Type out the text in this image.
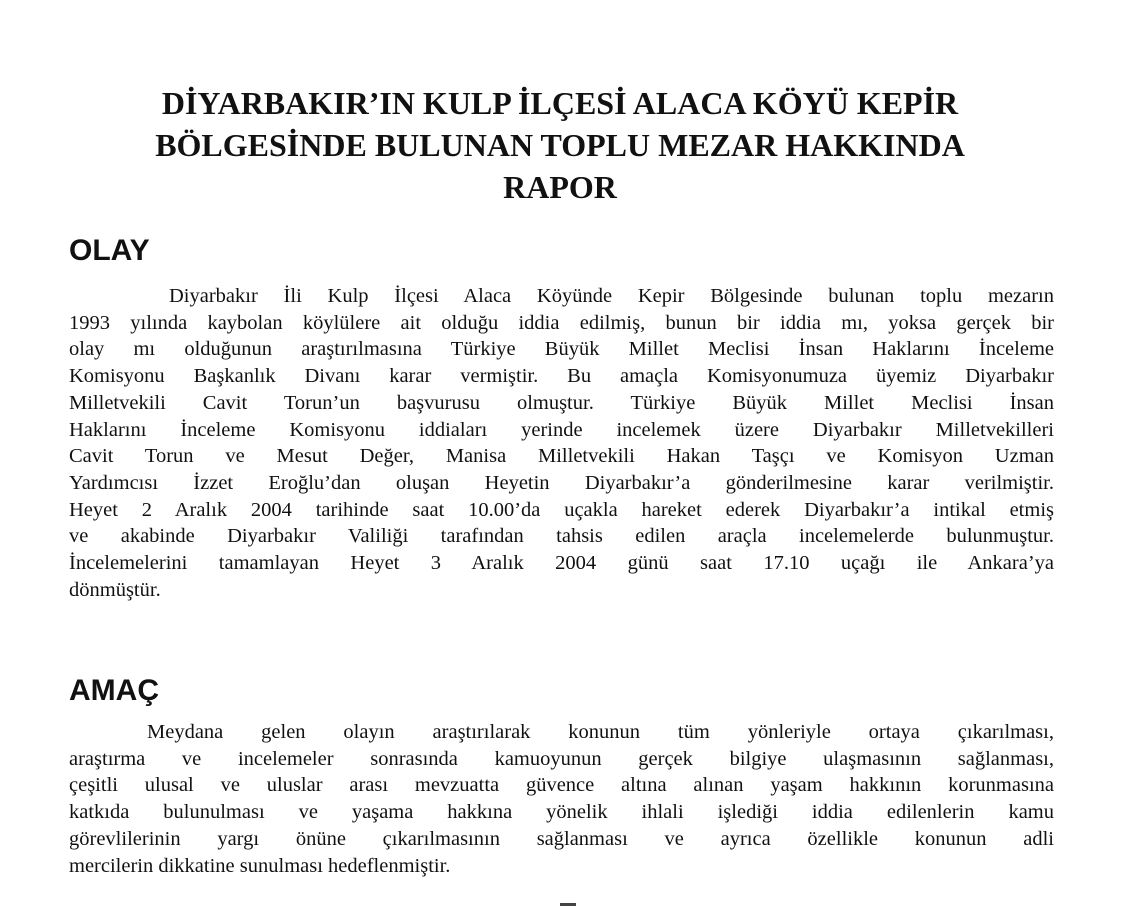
DİYARBAKIR’IN KULP İLÇESİ ALACA KÖYÜ KEPİR
BÖLGESİNDE BULUNAN TOPLU MEZAR HAKKINDA
RAPOR
OLAY

Diyarbakır İli Kulp İlçesi Alaca Köyünde Kepir Bölgesinde bulunan toplu mezarın
1993 yılında kaybolan köylülere ait olduğu iddia edilmiş, bunun bir iddia mı, yoksa gerçek bir
olay mı olduğunun araştırılmasına Türkiye Büyük Millet Meclisi İnsan Haklarını İnceleme
Komisyonu Başkanlık Divanı karar vermiştir. Bu amaçla Komisyonumuza üyemiz Diyarbakır
Milletvekili Cavit Torun’un başvurusu olmuştur. Türkiye Büyük Millet Meclisi İnsan
Haklarını İnceleme Komisyonu iddiaları yerinde incelemek üzere Diyarbakır Milletvekilleri
Cavit Torun ve Mesut Değer, Manisa Milletvekili Hakan Taşçı ve Komisyon Uzman
Yardımcısı İzzet Eroğlu’dan oluşan Heyetin Diyarbakır’a gönderilmesine karar verilmiştir.
Heyet 2 Aralık 2004 tarihinde saat 10.00’da uçakla hareket ederek Diyarbakır’a intikal etmiş
ve akabinde Diyarbakır Valiliği tarafından tahsis edilen araçla incelemelerde bulunmuştur.
İncelemelerini tamamlayan Heyet 3 Aralık 2004 günü saat 17.10 uçağı ile Ankara’ya
dönmüştür.

AMAÇ

Meydana gelen olayın araştırılarak konunun tüm yönleriyle ortaya çıkarılması,
araştırma ve incelemeler sonrasında kamuoyunun gerçek bilgiye ulaşmasının sağlanması,
çeşitli ulusal ve uluslar arası mevzuatta güvence altına alınan yaşam hakkının korunmasına
katkıda bulunulması ve yaşama hakkına yönelik ihlali işlediği iddia edilenlerin kamu
görevlilerinin yargı önüne çıkarılmasının sağlanması ve ayrıca özellikle konunun adli
mercilerin dikkatine sunulması hedeflenmiştir.
